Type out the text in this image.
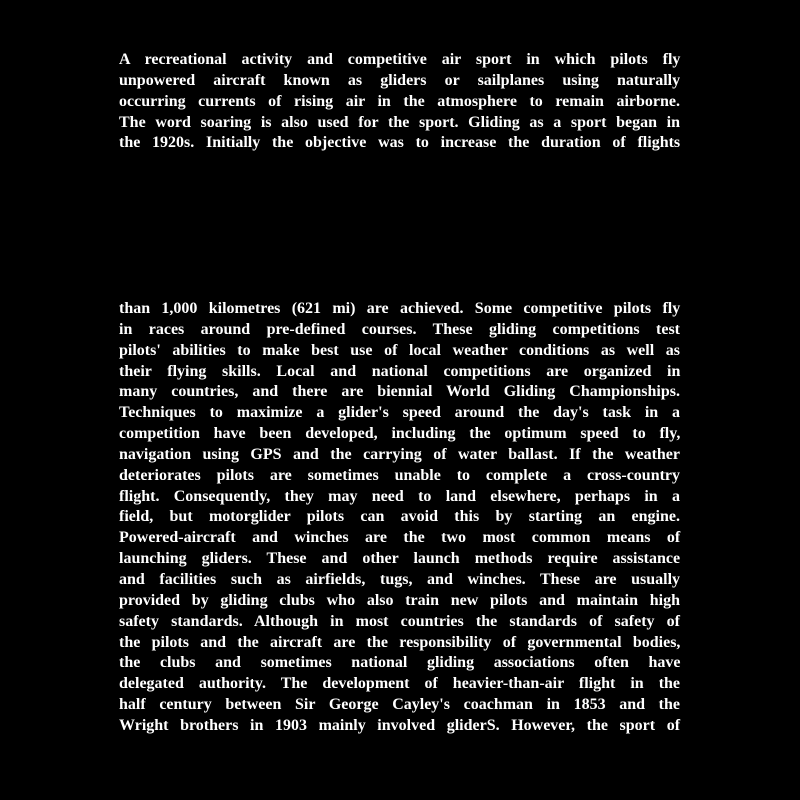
A recreational activity and competitive air sport in which pilots fly
unpowered aircraft known as gliders or sailplanes using naturally
occurring currents of rising air in the atmosphere to remain airborne.
The word soaring is also used for the sport. Gliding as a sport began in
the 1920s. Initially the objective was to increase the duration of flights
than 1,000 kilometres (621 mi) are achieved. Some competitive pilots fly
in races around pre-defined courses. These gliding competitions test
pilots' abilities to make best use of local weather conditions as well as
their flying skills. Local and national competitions are organized in
many countries, and there are biennial World Gliding Championships.
Techniques to maximize a glider's speed around the day's task in a
competition have been developed, including the optimum speed to fly,
navigation using GPS and the carrying of water ballast. If the weather
deteriorates pilots are sometimes unable to complete a cross-country
flight. Consequently, they may need to land elsewhere, perhaps in a
field, but motorglider pilots can avoid this by starting an engine.
Powered-aircraft and winches are the two most common means of
launching gliders. These and other launch methods require assistance
and facilities such as airfields, tugs, and winches. These are usually
provided by gliding clubs who also train new pilots and maintain high
safety standards. Although in most countries the standards of safety of
the pilots and the aircraft are the responsibility of governmental bodies,
the clubs and sometimes national gliding associations often have
delegated authority. The development of heavier-than-air flight in the
half century between Sir George Cayley's coachman in 1853 and the
Wright brothers in 1903 mainly involved gliderS. However, the sport of
